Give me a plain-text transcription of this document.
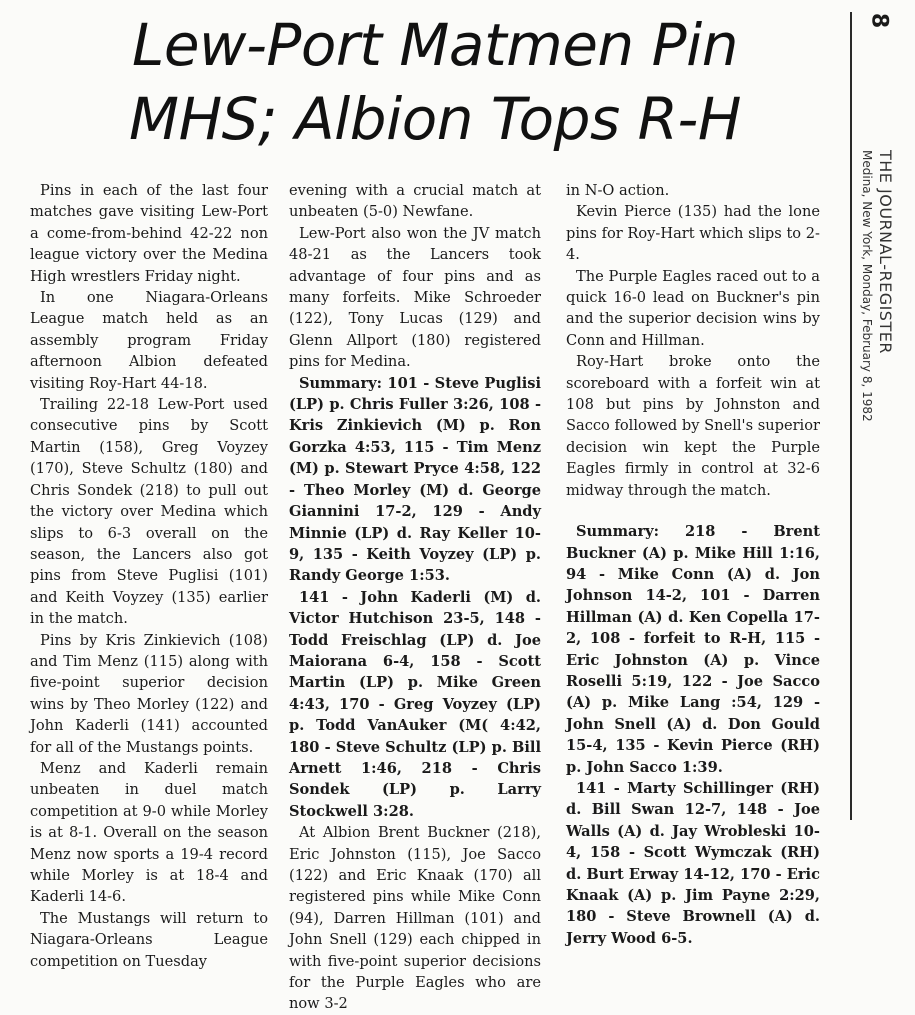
Lew-Port Matmen Pin
MHS; Albion Tops R-H
8
THE JOURNAL-REGISTER
Medina, New York, Monday, February 8, 1982

Pins in each of the last four matches gave visiting Lew-Port a come-from-behind 42-22 non league victory over the Medina High wrestlers Friday night.

In one Niagara-Orleans League match held as an assembly program Friday afternoon Albion defeated visiting Roy-Hart 44-18.

Trailing 22-18 Lew-Port used consecutive pins by Scott Martin (158), Greg Voyzey (170), Steve Schultz (180) and Chris Sondek (218) to pull out the victory over Medina which slips to 6-3 overall on the season, the Lancers also got pins from Steve Puglisi (101) and Keith Voyzey (135) earlier in the match.

Pins by Kris Zinkievich (108) and Tim Menz (115) along with five-point superior decision wins by Theo Morley (122) and John Kaderli (141) accounted for all of the Mustangs points.

Menz and Kaderli remain unbeaten in duel match competition at 9-0 while Morley is at 8-1. Overall on the season Menz now sports a 19-4 record while Morley is at 18-4 and Kaderli 14-6.

The Mustangs will return to Niagara-Orleans League competition on Tuesday

evening with a crucial match at unbeaten (5-0) Newfane.

Lew-Port also won the JV match 48-21 as the Lancers took advantage of four pins and as many forfeits. Mike Schroeder (122), Tony Lucas (129) and Glenn Allport (180) registered pins for Medina.

Summary: 101 - Steve Puglisi (LP) p. Chris Fuller 3:26, 108 - Kris Zinkievich (M) p. Ron Gorzka 4:53, 115 - Tim Menz (M) p. Stewart Pryce 4:58, 122 - Theo Morley (M) d. George Giannini 17-2, 129 - Andy Minnie (LP) d. Ray Keller 10-9, 135 - Keith Voyzey (LP) p. Randy George 1:53.

141 - John Kaderli (M) d. Victor Hutchison 23-5, 148 - Todd Freischlag (LP) d. Joe Maiorana 6-4, 158 - Scott Martin (LP) p. Mike Green 4:43, 170 - Greg Voyzey (LP) p. Todd VanAuker (M( 4:42, 180 - Steve Schultz (LP) p. Bill Arnett 1:46, 218 - Chris Sondek (LP) p. Larry Stockwell 3:28.

At Albion Brent Buckner (218), Eric Johnston (115), Joe Sacco (122) and Eric Knaak (170) all registered pins while Mike Conn (94), Darren Hillman (101) and John Snell (129) each chipped in with five-point superior decisions for the Purple Eagles who are now 3-2

in N-O action.

Kevin Pierce (135) had the lone pins for Roy-Hart which slips to 2-4.

The Purple Eagles raced out to a quick 16-0 lead on Buckner's pin and the superior decision wins by Conn and Hillman.

Roy-Hart broke onto the scoreboard with a forfeit win at 108 but pins by Johnston and Sacco followed by Snell's superior decision win kept the Purple Eagles firmly in control at 32-6 midway through the match.

Summary: 218 - Brent Buckner (A) p. Mike Hill 1:16, 94 - Mike Conn (A) d. Jon Johnson 14-2, 101 - Darren Hillman (A) d. Ken Copella 17-2, 108 - forfeit to R-H, 115 - Eric Johnston (A) p. Vince Roselli 5:19, 122 - Joe Sacco (A) p. Mike Lang :54, 129 - John Snell (A) d. Don Gould 15-4, 135 - Kevin Pierce (RH) p. John Sacco 1:39.

141 - Marty Schillinger (RH) d. Bill Swan 12-7, 148 - Joe Walls (A) d. Jay Wrobleski 10-4, 158 - Scott Wymczak (RH) d. Burt Erway 14-12, 170 - Eric Knaak (A) p. Jim Payne 2:29, 180 - Steve Brownell (A) d. Jerry Wood 6-5.
